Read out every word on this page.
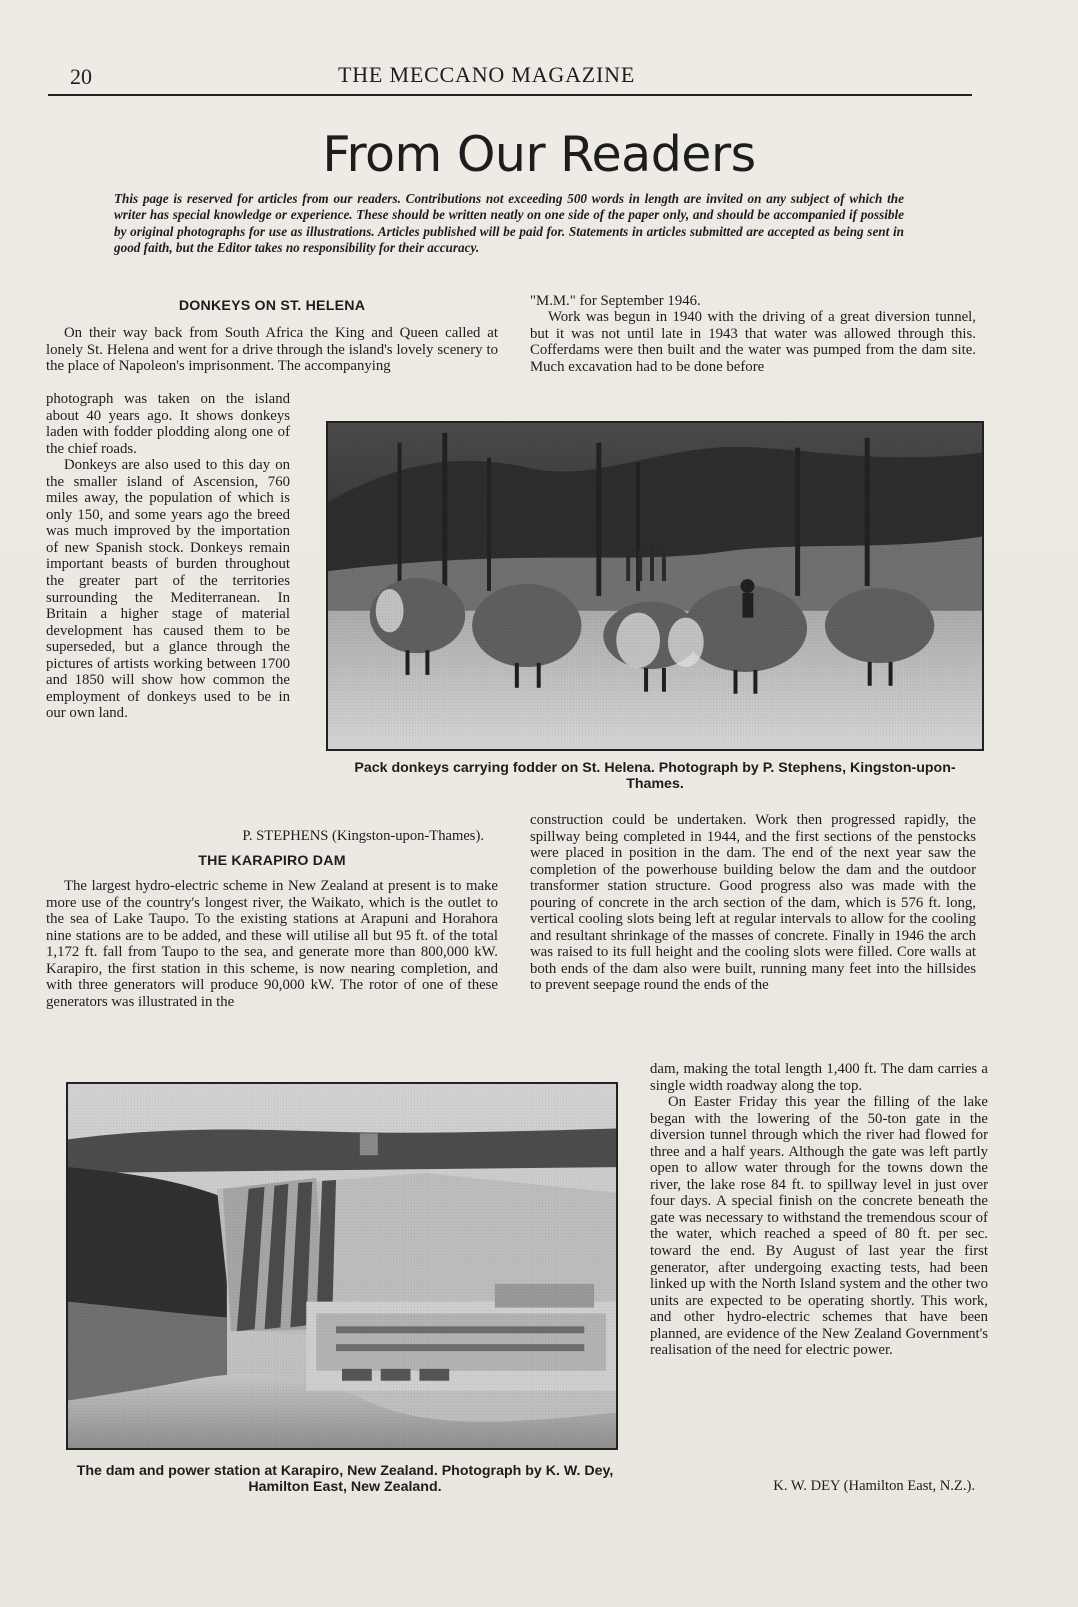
20	THE MECCANO MAGAZINE
From Our Readers
This page is reserved for articles from our readers. Contributions not exceeding 500 words in length are invited on any subject of which the writer has special knowledge or experience. These should be written neatly on one side of the paper only, and should be accompanied if possible by original photographs for use as illustrations. Articles published will be paid for. Statements in articles submitted are accepted as being sent in good faith, but the Editor takes no responsibility for their accuracy.
DONKEYS ON ST. HELENA

On their way back from South Africa the King and Queen called at lonely St. Helena and went for a drive through the island's lovely scenery to the place of Napoleon's imprisonment. The accompanying

photograph was taken on the island about 40 years ago. It shows donkeys laden with fodder plodding along one of the chief roads.

Donkeys are also used to this day on the smaller island of Ascension, 760 miles away, the population of which is only 150, and some years ago the breed was much improved by the importation of new Spanish stock. Donkeys remain important beasts of burden throughout the greater part of the territories surrounding the Mediterranean. In Britain a higher stage of material development has caused them to be superseded, but a glance through the pictures of artists working between 1700 and 1850 will show how common the employment of donkeys used to be in our own land.

P. STEPHENS (Kingston-upon-Thames).
Pack donkeys carrying fodder on St. Helena. Photograph by P. Stephens, Kingston-upon-Thames.
THE KARAPIRO DAM

The largest hydro-electric scheme in New Zealand at present is to make more use of the country's longest river, the Waikato, which is the outlet to the sea of Lake Taupo. To the existing stations at Arapuni and Horahora nine stations are to be added, and these will utilise all but 95 ft. of the total 1,172 ft. fall from Taupo to the sea, and generate more than 800,000 kW. Karapiro, the first station in this scheme, is now nearing completion, and with three generators will produce 90,000 kW. The rotor of one of these generators was illustrated in the

"M.M." for September 1946.

Work was begun in 1940 with the driving of a great diversion tunnel, but it was not until late in 1943 that water was allowed through this. Cofferdams were then built and the water was pumped from the dam site. Much excavation had to be done before

construction could be undertaken. Work then progressed rapidly, the spillway being completed in 1944, and the first sections of the penstocks were placed in position in the dam. The end of the next year saw the completion of the powerhouse building below the dam and the outdoor transformer station structure. Good progress also was made with the pouring of concrete in the arch section of the dam, which is 576 ft. long, vertical cooling slots being left at regular intervals to allow for the cooling and resultant shrinkage of the masses of concrete. Finally in 1946 the arch was raised to its full height and the cooling slots were filled. Core walls at both ends of the dam also were built, running many feet into the hillsides to prevent seepage round the ends of the

dam, making the total length 1,400 ft. The dam carries a single width roadway along the top.

On Easter Friday this year the filling of the lake began with the lowering of the 50-ton gate in the diversion tunnel through which the river had flowed for three and a half years. Although the gate was left partly open to allow water through for the towns down the river, the lake rose 84 ft. to spillway level in just over four days. A special finish on the concrete beneath the gate was necessary to withstand the tremendous scour of the water, which reached a speed of 80 ft. per sec. toward the end. By August of last year the first generator, after undergoing exacting tests, had been linked up with the North Island system and the other two units are expected to be operating shortly. This work, and other hydro-electric schemes that have been planned, are evidence of the New Zealand Government's realisation of the need for electric power.

K. W. DEY (Hamilton East, N.Z.).
The dam and power station at Karapiro, New Zealand. Photograph by K. W. Dey, Hamilton East, New Zealand.
